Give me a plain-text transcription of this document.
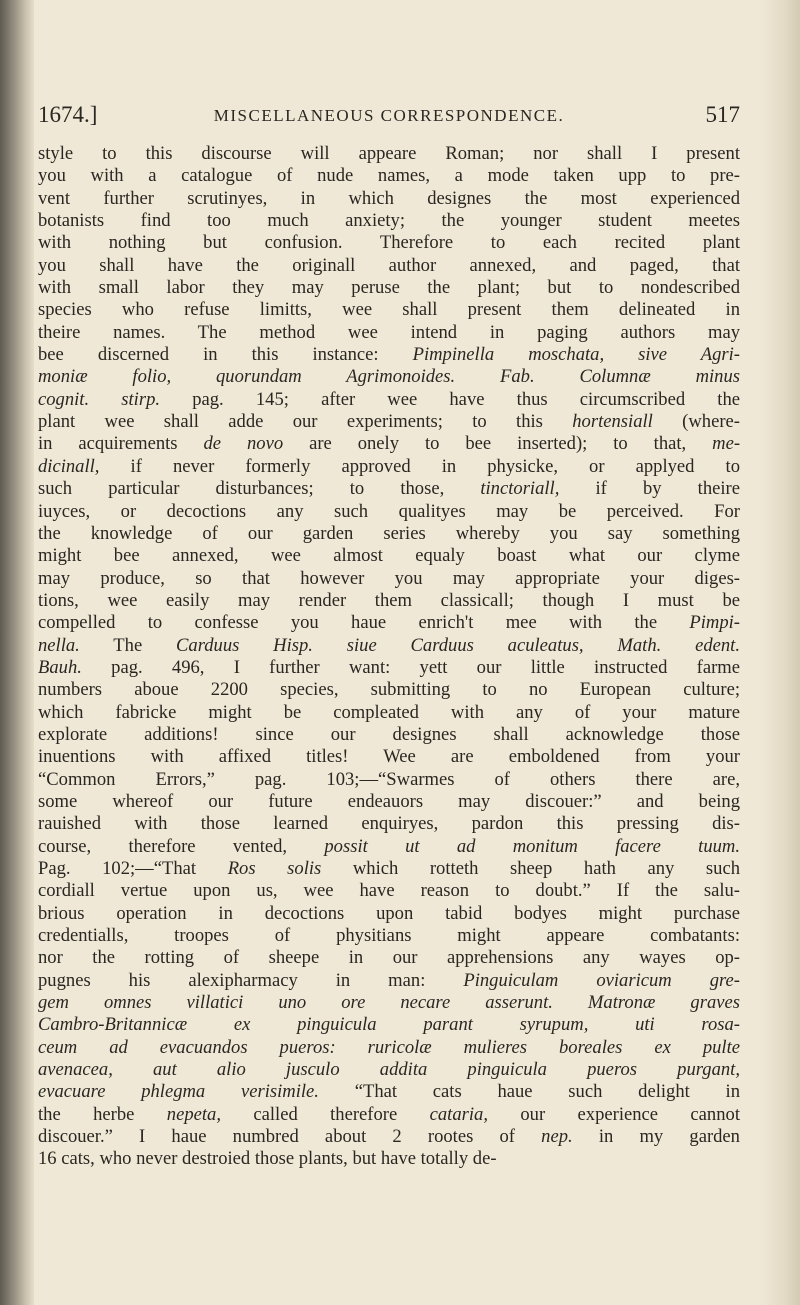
1674.]	MISCELLANEOUS CORRESPONDENCE.	517
style to this discourse will appeare Roman; nor shall I present
you with a catalogue of nude names, a mode taken upp to pre-
vent further scrutinyes, in which designes the most experienced
botanists find too much anxiety; the younger student meetes
with nothing but confusion. Therefore to each recited plant
you shall have the originall author annexed, and paged, that
with small labor they may peruse the plant; but to nondescribed
species who refuse limitts, wee shall present them delineated in
theire names. The method wee intend in paging authors may
bee discerned in this instance: Pimpinella moschata, sive Agri-
moniæ folio, quorundam Agrimonoides. Fab. Columnæ minus
cognit. stirp. pag. 145; after wee have thus circumscribed the
plant wee shall adde our experiments; to this hortensiall (where-
in acquirements de novo are onely to bee inserted); to that, me-
dicinall, if never formerly approved in physicke, or applyed to
such particular disturbances; to those, tinctoriall, if by theire
iuyces, or decoctions any such qualityes may be perceived. For
the knowledge of our garden series whereby you say something
might bee annexed, wee almost equaly boast what our clyme
may produce, so that however you may appropriate your diges-
tions, wee easily may render them classicall; though I must be
compelled to confesse you haue enrich't mee with the Pimpi-
nella. The Carduus Hisp. siue Carduus aculeatus, Math. edent.
Bauh. pag. 496, I further want: yett our little instructed farme
numbers aboue 2200 species, submitting to no European culture;
which fabricke might be compleated with any of your mature
explorate additions! since our designes shall acknowledge those
inuentions with affixed titles! Wee are emboldened from your
“Common Errors,” pag. 103;—“Swarmes of others there are,
some whereof our future endeauors may discouer:” and being
rauished with those learned enquiryes, pardon this pressing dis-
course, therefore vented, possit ut ad monitum facere tuum.
Pag. 102;—“That Ros solis which rotteth sheep hath any such
cordiall vertue upon us, wee have reason to doubt.” If the salu-
brious operation in decoctions upon tabid bodyes might purchase
credentialls, troopes of physitians might appeare combatants:
nor the rotting of sheepe in our apprehensions any wayes op-
pugnes his alexipharmacy in man: Pinguiculam oviaricum gre-
gem omnes villatici uno ore necare asserunt. Matronæ graves
Cambro-Britannicæ ex pinguicula parant syrupum, uti rosa-
ceum ad evacuandos pueros: ruricolæ mulieres boreales ex pulte
avenacea, aut alio jusculo addita pinguicula pueros purgant,
evacuare phlegma verisimile. “That cats haue such delight in
the herbe nepeta, called therefore cataria, our experience cannot
discouer.” I haue numbred about 2 rootes of nep. in my garden
16 cats, who never destroied those plants, but have totally de-
